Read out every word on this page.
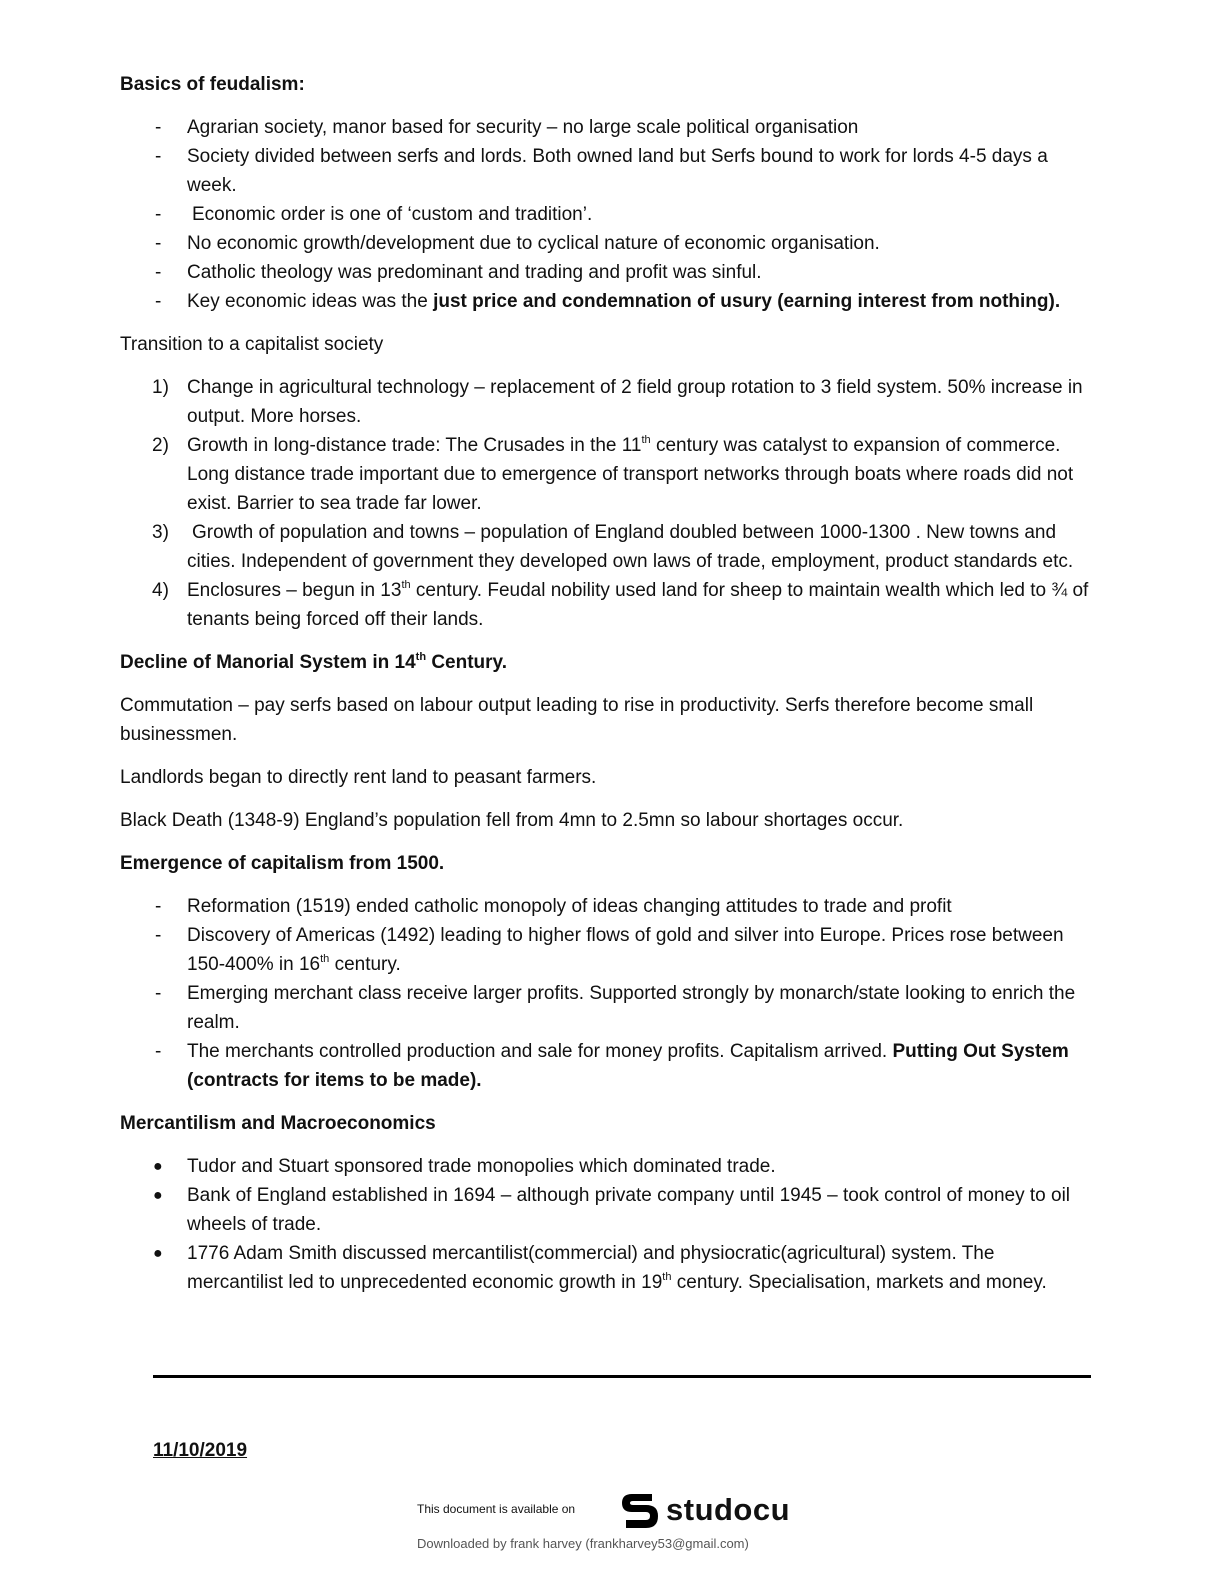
Basics of feudalism:
-	Agrarian society, manor based for security – no large scale political organisation
-	Society divided between serfs and lords. Both owned land but Serfs bound to work for lords 4-5 days a week.
-	Economic order is one of ‘custom and tradition’.
-	No economic growth/development due to cyclical nature of economic organisation.
-	Catholic theology was predominant and trading and profit was sinful.
-	Key economic ideas was the just price and condemnation of usury (earning interest from nothing).
Transition to a capitalist society
1) Change in agricultural technology – replacement of 2 field group rotation to 3 field system. 50% increase in output. More horses.
2) Growth in long-distance trade: The Crusades in the 11th century was catalyst to expansion of commerce. Long distance trade important due to emergence of transport networks through boats where roads did not exist. Barrier to sea trade far lower.
3)	Growth of population and towns – population of England doubled between 1000-1300 . New towns and cities. Independent of government they developed own laws of trade, employment, product standards etc.
4) Enclosures – begun in 13th century. Feudal nobility used land for sheep to maintain wealth which led to ¾ of tenants being forced off their lands.
Decline of Manorial System in 14th Century.
Commutation – pay serfs based on labour output leading to rise in productivity. Serfs therefore become small businessmen.
Landlords began to directly rent land to peasant farmers.
Black Death (1348-9) England’s population fell from 4mn to 2.5mn so labour shortages occur.
Emergence of capitalism from 1500.
-	Reformation (1519) ended catholic monopoly of ideas changing attitudes to trade and profit
-	Discovery of Americas (1492) leading to higher flows of gold and silver into Europe. Prices rose between 150-400% in 16th century.
-	Emerging merchant class receive larger profits. Supported strongly by monarch/state looking to enrich the realm.
-	The merchants controlled production and sale for money profits. Capitalism arrived. Putting Out System (contracts for items to be made).
Mercantilism and Macroeconomics
●	Tudor and Stuart sponsored trade monopolies which dominated trade.
●	Bank of England established in 1694 – although private company until 1945 – took control of money to oil wheels of trade.
●	1776 Adam Smith discussed mercantilist(commercial) and physiocratic(agricultural) system. The mercantilist led to unprecedented economic growth in 19th century. Specialisation, markets and money.
11/10/2019
This document is available on	studocu
Downloaded by frank harvey (frankharvey53@gmail.com)
